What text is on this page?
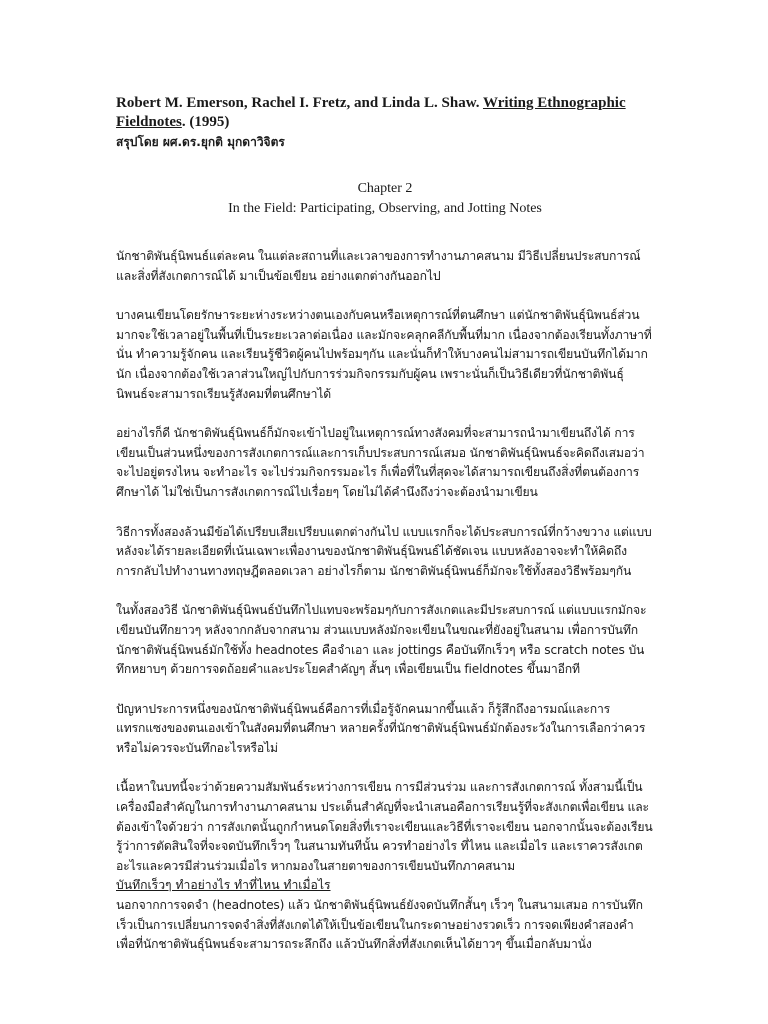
Robert M. Emerson, Rachel I. Fretz, and Linda L. Shaw. Writing Ethnographic Fieldnotes. (1995)

สรุปโดย ผศ.ดร.ยุกติ มุกดาวิจิตร

Chapter 2
In the Field: Participating, Observing, and Jotting Notes

นักชาติพันธุ์นิพนธ์แต่ละคน ในแต่ละสถานที่และเวลาของการทำงานภาคสนาม มีวิธีเปลี่ยนประสบการณ์และสิ่งที่สังเกตการณ์ได้ มาเป็นข้อเขียน อย่างแตกต่างกันออกไป

บางคนเขียนโดยรักษาระยะห่างระหว่างตนเองกับคนหรือเหตุการณ์ที่ตนศึกษา แต่นักชาติพันธุ์นิพนธ์ส่วนมากจะใช้เวลาอยู่ในพื้นที่เป็นระยะเวลาต่อเนื่อง และมักจะคลุกคลีกับพื้นที่มาก เนื่องจากต้องเรียนทั้งภาษาที่นั่น ทำความรู้จักคน และเรียนรู้ชีวิตผู้คนไปพร้อมๆกัน และนั่นก็ทำให้บางคนไม่สามารถเขียนบันทึกได้มากนัก เนื่องจากต้องใช้เวลาส่วนใหญ่ไปกับการร่วมกิจกรรมกับผู้คน เพราะนั่นก็เป็นวิธีเดียวที่นักชาติพันธุ์นิพนธ์จะสามารถเรียนรู้สังคมที่ตนศึกษาได้

อย่างไรก็ดี นักชาติพันธุ์นิพนธ์ก็มักจะเข้าไปอยู่ในเหตุการณ์ทางสังคมที่จะสามารถนำมาเขียนถึงได้ การเขียนเป็นส่วนหนึ่งของการสังเกตการณ์และการเก็บประสบการณ์เสมอ นักชาติพันธุ์นิพนธ์จะคิดถึงเสมอว่าจะไปอยู่ตรงไหน จะทำอะไร จะไปร่วมกิจกรรมอะไร ก็เพื่อที่ในที่สุดจะได้สามารถเขียนถึงสิ่งที่ตนต้องการศึกษาได้ ไม่ใช่เป็นการสังเกตการณ์ไปเรื่อยๆ โดยไม่ได้คำนึงถึงว่าจะต้องนำมาเขียน

วิธีการทั้งสองล้วนมีข้อได้เปรียบเสียเปรียบแตกต่างกันไป แบบแรกก็จะได้ประสบการณ์ที่กว้างขวาง แต่แบบหลังจะได้รายละเอียดที่เน้นเฉพาะเพื่องานของนักชาติพันธุ์นิพนธ์ได้ชัดเจน แบบหลังอาจจะทำให้คิดถึงการกลับไปทำงานทางทฤษฎีตลอดเวลา อย่างไรก็ตาม นักชาติพันธุ์นิพนธ์ก็มักจะใช้ทั้งสองวิธีพร้อมๆกัน

ในทั้งสองวิธี นักชาติพันธุ์นิพนธ์บันทึกไปแทบจะพร้อมๆกับการสังเกตและมีประสบการณ์ แต่แบบแรกมักจะเขียนบันทึกยาวๆ หลังจากกลับจากสนาม ส่วนแบบหลังมักจะเขียนในขณะที่ยังอยู่ในสนาม เพื่อการบันทึก นักชาติพันธุ์นิพนธ์มักใช้ทั้ง headnotes คือจำเอา และ jottings คือบันทึกเร็วๆ หรือ scratch notes บันทึกหยาบๆ ด้วยการจดถ้อยคำและประโยคสำคัญๆ สั้นๆ เพื่อเขียนเป็น fieldnotes ขึ้นมาอีกที

ปัญหาประการหนึ่งของนักชาติพันธุ์นิพนธ์คือการที่เมื่อรู้จักคนมากขึ้นแล้ว ก็รู้สึกถึงอารมณ์และการแทรกแซงของตนเองเข้าในสังคมที่ตนศึกษา หลายครั้งที่นักชาติพันธุ์นิพนธ์มักต้องระวังในการเลือกว่าควรหรือไม่ควรจะบันทึกอะไรหรือไม่

เนื้อหาในบทนี้จะว่าด้วยความสัมพันธ์ระหว่างการเขียน การมีส่วนร่วม และการสังเกตการณ์ ทั้งสามนี้เป็นเครื่องมือสำคัญในการทำงานภาคสนาม ประเด็นสำคัญที่จะนำเสนอคือการเรียนรู้ที่จะสังเกตเพื่อเขียน และต้องเข้าใจด้วยว่า การสังเกตนั้นถูกกำหนดโดยสิ่งที่เราจะเขียนและวิธีที่เราจะเขียน นอกจากนั้นจะต้องเรียนรู้ว่าการตัดสินใจที่จะจดบันทึกเร็วๆ ในสนามทันทีนั้น ควรทำอย่างไร ที่ไหน และเมื่อไร และเราควรสังเกตอะไรและควรมีส่วนร่วมเมื่อไร หากมองในสายตาของการเขียนบันทึกภาคสนาม

บันทึกเร็วๆ ทำอย่างไร ทำที่ไหน ทำเมื่อไร

นอกจากการจดจำ (headnotes) แล้ว นักชาติพันธุ์นิพนธ์ยังจดบันทึกสั้นๆ เร็วๆ ในสนามเสมอ การบันทึกเร็วเป็นการเปลี่ยนการจดจำสิ่งที่สังเกตได้ให้เป็นข้อเขียนในกระดาษอย่างรวดเร็ว การจดเพียงคำสองคำ เพื่อที่นักชาติพันธุ์นิพนธ์จะสามารถระลึกถึง แล้วบันทึกสิ่งที่สังเกตเห็นได้ยาวๆ ขึ้นเมื่อกลับมานั่ง
